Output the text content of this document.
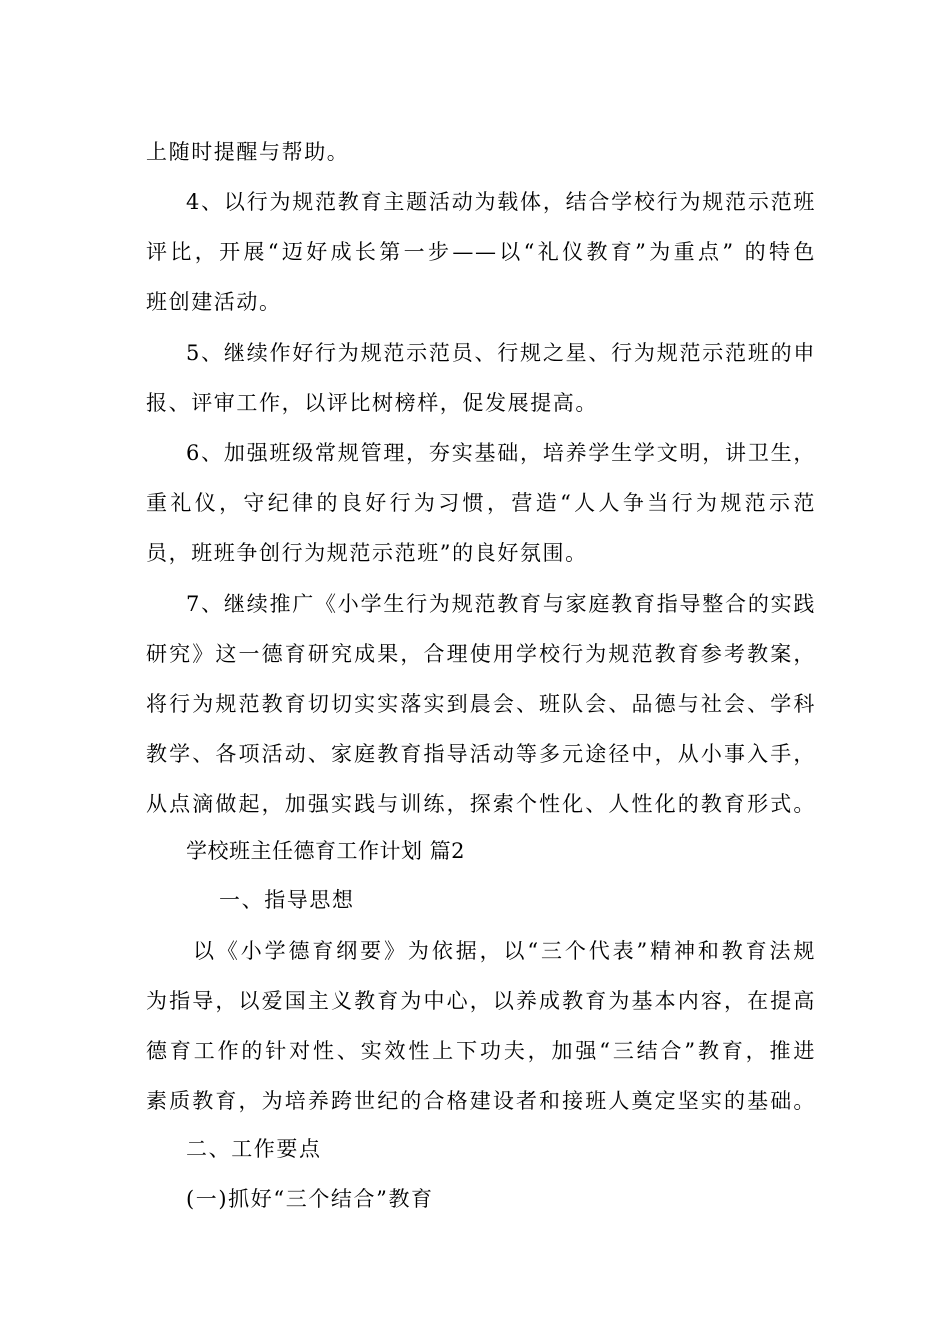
上随时提醒与帮助。
4、以行为规范教育主题活动为载体，结合学校行为规范示范班
评比，开展“迈好成长第一步——以“礼仪教育”为重点” 的特色
班创建活动。
5、继续作好行为规范示范员、行规之星、行为规范示范班的申
报、评审工作，以评比树榜样，促发展提高。
6、加强班级常规管理，夯实基础，培养学生学文明，讲卫生，
重礼仪，守纪律的良好行为习惯，营造“人人争当行为规范示范
员，班班争创行为规范示范班”的良好氛围。
7、继续推广《小学生行为规范教育与家庭教育指导整合的实践
研究》这一德育研究成果，合理使用学校行为规范教育参考教案，
将行为规范教育切切实实落实到晨会、班队会、品德与社会、学科
教学、各项活动、家庭教育指导活动等多元途径中，从小事入手，
从点滴做起，加强实践与训练，探索个性化、人性化的教育形式。
学校班主任德育工作计划 篇2
一、指导思想
以《小学德育纲要》为依据，以“三个代表”精神和教育法规
为指导，以爱国主义教育为中心，以养成教育为基本内容，在提高
德育工作的针对性、实效性上下功夫，加强“三结合”教育，推进
素质教育，为培养跨世纪的合格建设者和接班人奠定坚实的基础。
二、工作要点
(一)抓好“三个结合”教育
